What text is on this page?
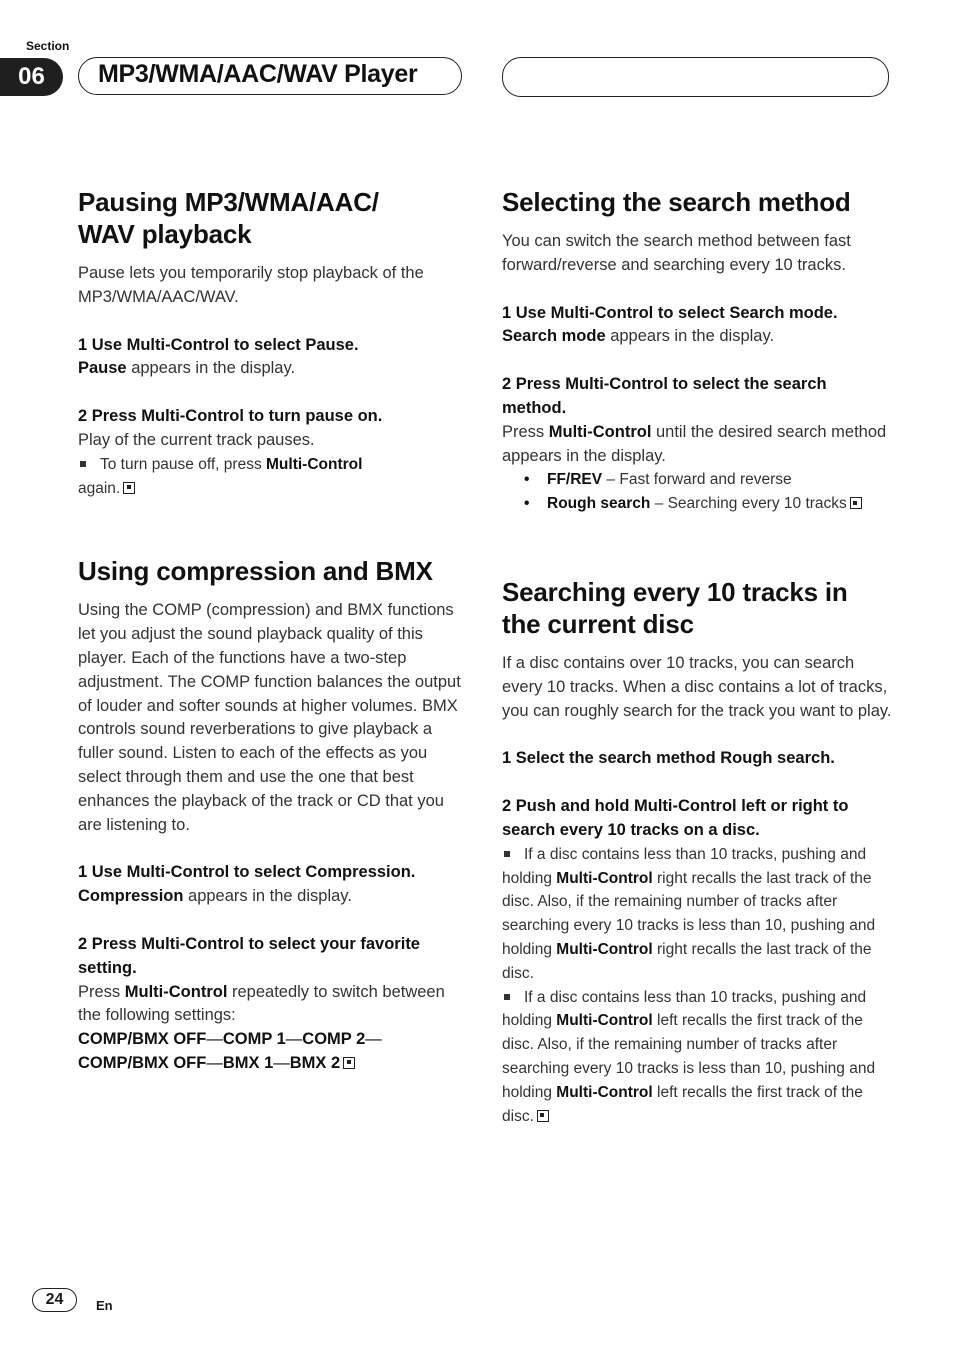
Section
06	MP3/WMA/AAC/WAV Player
Pausing MP3/WMA/AAC/
WAV playback

Pause lets you temporarily stop playback of the MP3/WMA/AAC/WAV.

1 Use Multi-Control to select Pause.

Pause appears in the display.

2 Press Multi-Control to turn pause on.

Play of the current track pauses.

To turn pause off, press Multi-Control
again.

Using compression and BMX

Using the COMP (compression) and BMX functions let you adjust the sound playback quality of this player. Each of the functions have a two-step adjustment. The COMP function balances the output of louder and softer sounds at higher volumes. BMX controls sound reverberations to give playback a fuller sound. Listen to each of the effects as you select through them and use the one that best enhances the playback of the track or CD that you are listening to.

1 Use Multi-Control to select Compression.

Compression appears in the display.

2 Press Multi-Control to select your favorite setting.

Press Multi-Control repeatedly to switch between the following settings:

COMP/BMX OFF—COMP 1—COMP 2—

COMP/BMX OFF—BMX 1—BMX 2

Selecting the search method

You can switch the search method between fast forward/reverse and searching every 10 tracks.

1 Use Multi-Control to select Search mode.

Search mode appears in the display.

2 Press Multi-Control to select the search method.

Press Multi-Control until the desired search method appears in the display.

• FF/REV – Fast forward and reverse
• Rough search – Searching every 10 tracks
Searching every 10 tracks in
the current disc

If a disc contains over 10 tracks, you can search every 10 tracks. When a disc contains a lot of tracks, you can roughly search for the track you want to play.

1 Select the search method Rough search.

2 Push and hold Multi-Control left or right to search every 10 tracks on a disc.

If a disc contains less than 10 tracks, pushing and holding Multi-Control right recalls the last track of the disc. Also, if the remaining number of tracks after searching every 10 tracks is less than 10, pushing and holding Multi-Control right recalls the last track of the disc.

If a disc contains less than 10 tracks, pushing and holding Multi-Control left recalls the first track of the disc. Also, if the remaining number of tracks after searching every 10 tracks is less than 10, pushing and holding Multi-Control left recalls the first track of the disc.

24	En
